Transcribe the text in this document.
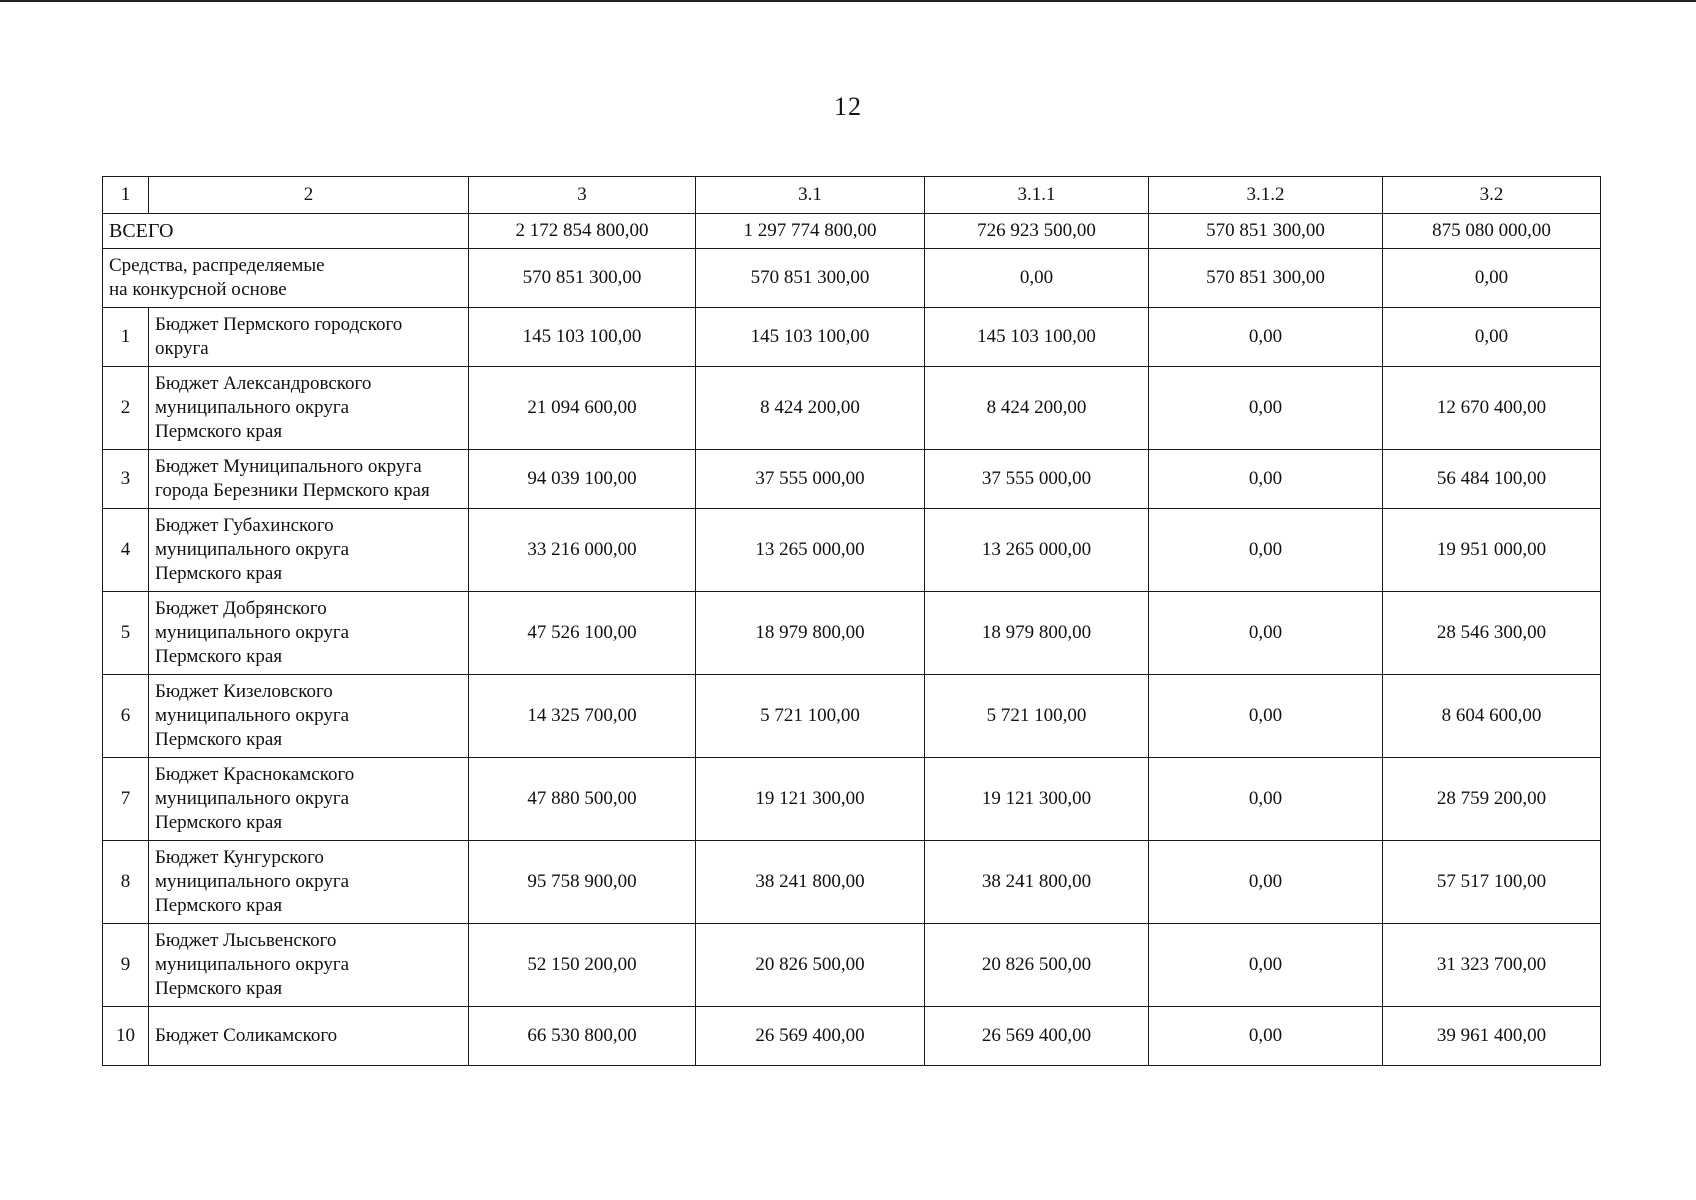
12
1	2	3	3.1	3.1.1	3.1.2	3.2
ВСЕГО		2 172 854 800,00	1 297 774 800,00	726 923 500,00	570 851 300,00	875 080 000,00

Средства, распределяемые
на конкурсной основе		570 851 300,00	570 851 300,00	0,00	570 851 300,00	0,00
1	Бюджет Пермского городского
округа	145 103 100,00	145 103 100,00	145 103 100,00	0,00	0,00
2	Бюджет Александровского
муниципального округа
Пермского края	21 094 600,00	8 424 200,00	8 424 200,00	0,00	12 670 400,00
3	Бюджет Муниципального округа
города Березники Пермского края	94 039 100,00	37 555 000,00	37 555 000,00	0,00	56 484 100,00
4	Бюджет Губахинского
муниципального округа
Пермского края	33 216 000,00	13 265 000,00	13 265 000,00	0,00	19 951 000,00
5	Бюджет Добрянского
муниципального округа
Пермского края	47 526 100,00	18 979 800,00	18 979 800,00	0,00	28 546 300,00
6	Бюджет Кизеловского
муниципального округа
Пермского края	14 325 700,00	5 721 100,00	5 721 100,00	0,00	8 604 600,00
7	Бюджет Краснокамского
муниципального округа
Пермского края	47 880 500,00	19 121 300,00	19 121 300,00	0,00	28 759 200,00
8	Бюджет Кунгурского
муниципального округа
Пермского края	95 758 900,00	38 241 800,00	38 241 800,00	0,00	57 517 100,00
9	Бюджет Лысьвенского
муниципального округа
Пермского края	52 150 200,00	20 826 500,00	20 826 500,00	0,00	31 323 700,00
10	Бюджет Соликамского	66 530 800,00	26 569 400,00	26 569 400,00	0,00	39 961 400,00
